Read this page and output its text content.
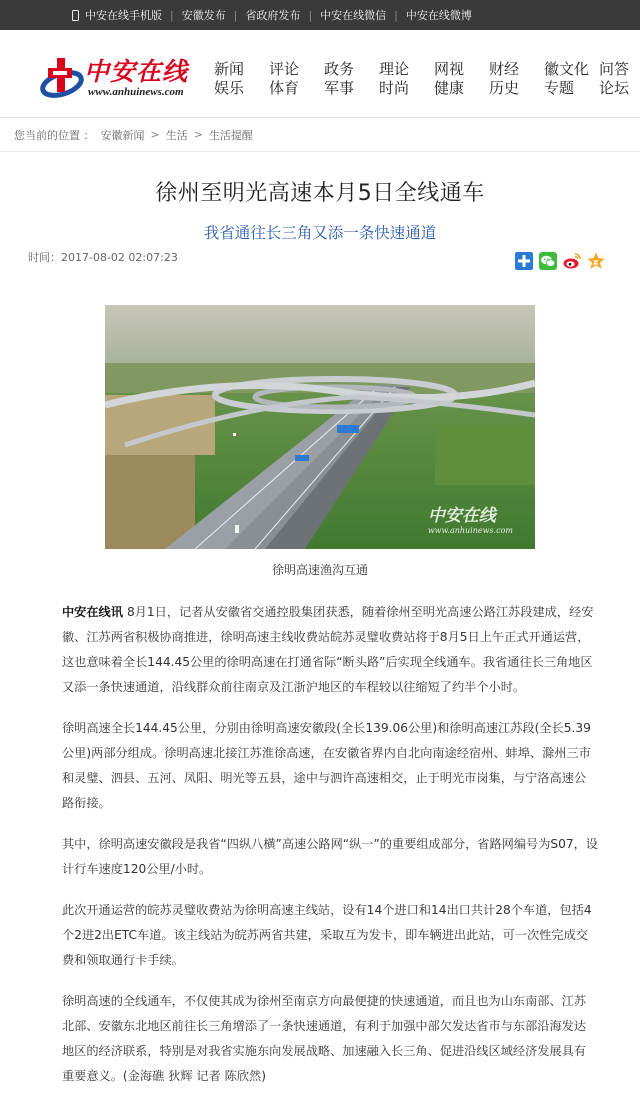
中安在线手机版 | 安徽发布 | 省政府发布 | 中安在线微信 | 中安在线微博
中安在线
www.anhuinews.com
新闻
娱乐
评论
体育
政务
军事
理论
时尚
网视
健康
财经
历史
徽文化
专题
问答
论坛
您当前的位置 ： 安徽新闻 > 生活 > 生活提醒
徐州至明光高速本月5日全线通车
我省通往长三角又添一条快速通道
时间：2017-08-02 02:07:23
中安在线
www.anhuinews.com
徐明高速渔沟互通

中安在线讯 8月1日，记者从安徽省交通控股集团获悉，随着徐州至明光高速公路江苏段建成，经安徽、江苏两省积极协商推进，徐明高速主线收费站皖苏灵璧收费站将于8月5日上午正式开通运营，这也意味着全长144.45公里的徐明高速在打通省际“断头路”后实现全线通车。我省通往长三角地区又添一条快速通道，沿线群众前往南京及江浙沪地区的车程较以往缩短了约半个小时。

徐明高速全长144.45公里，分别由徐明高速安徽段(全长139.06公里)和徐明高速江苏段(全长5.39公里)两部分组成。徐明高速北接江苏淮徐高速，在安徽省界内自北向南途经宿州、蚌埠、滁州三市和灵璧、泗县、五河、凤阳、明光等五县，途中与泗许高速相交，止于明光市岗集，与宁洛高速公路衔接。

其中，徐明高速安徽段是我省“四纵八横”高速公路网“纵一”的重要组成部分，省路网编号为S07，设计行车速度120公里/小时。

此次开通运营的皖苏灵璧收费站为徐明高速主线站，设有14个进口和14出口共计28个车道，包括4个2进2出ETC车道。该主线站为皖苏两省共建，采取互为发卡，即车辆进出此站，可一次性完成交费和领取通行卡手续。

徐明高速的全线通车，不仅使其成为徐州至南京方向最便捷的快速通道，而且也为山东南部、江苏北部、安徽东北地区前往长三角增添了一条快速通道，有利于加强中部欠发达省市与东部沿海发达地区的经济联系，特别是对我省实施东向发展战略、加速融入长三角、促进沿线区域经济发展具有重要意义。(金海礁 狄辉 记者 陈欣然)
